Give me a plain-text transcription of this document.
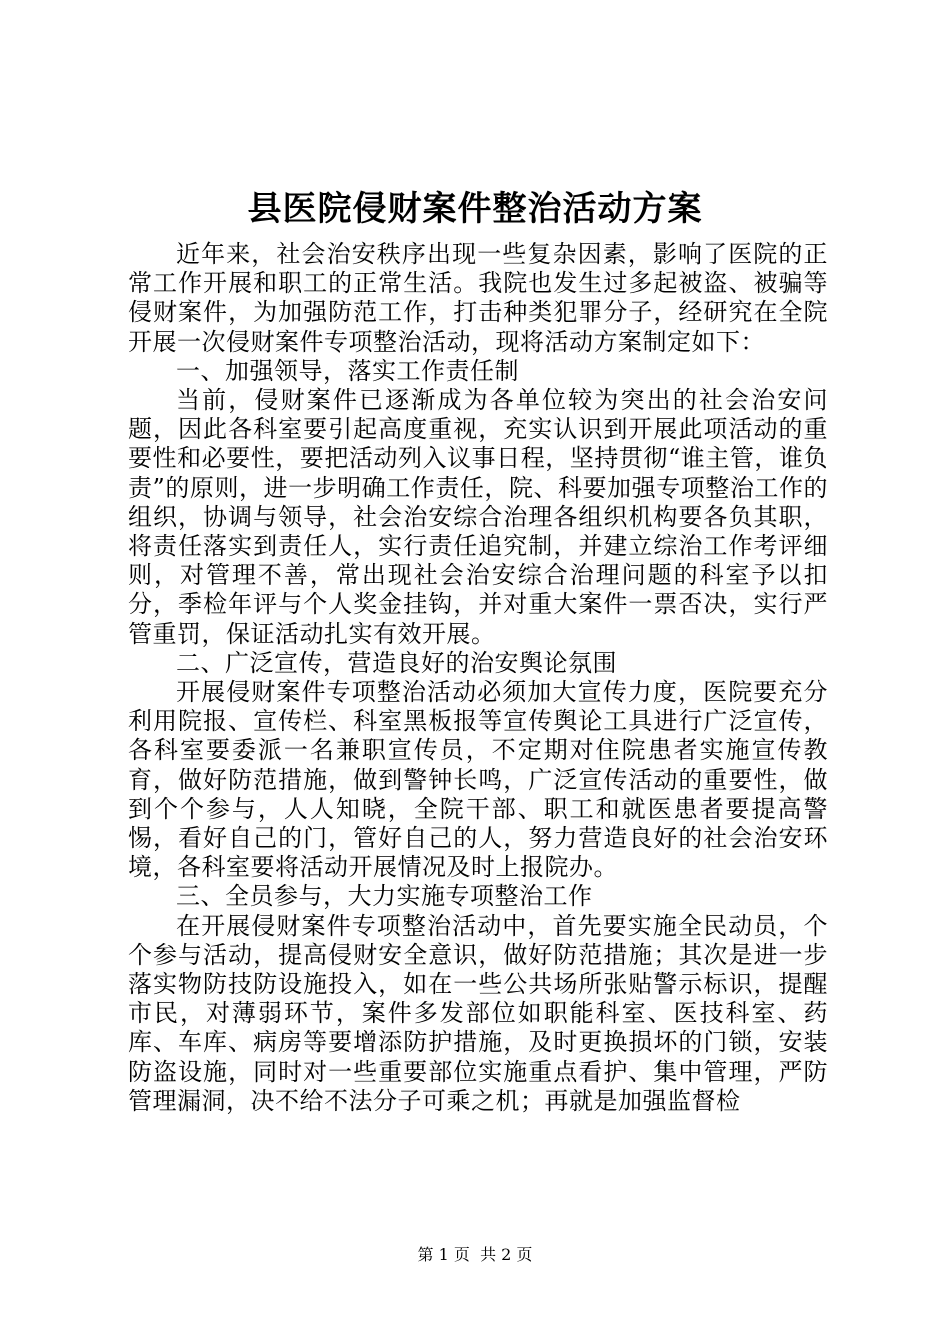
县医院侵财案件整治活动方案

近年来，社会治安秩序出现一些复杂因素，影响了医院的正常工作开展和职工的正常生活。我院也发生过多起被盗、被骗等侵财案件，为加强防范工作，打击种类犯罪分子，经研究在全院开展一次侵财案件专项整治活动，现将活动方案制定如下：

一、加强领导，落实工作责任制

当前，侵财案件已逐渐成为各单位较为突出的社会治安问题，因此各科室要引起高度重视，充实认识到开展此项活动的重要性和必要性，要把活动列入议事日程，坚持贯彻“谁主管，谁负责”的原则，进一步明确工作责任，院、科要加强专项整治工作的组织，协调与领导，社会治安综合治理各组织机构要各负其职，将责任落实到责任人，实行责任追究制，并建立综治工作考评细则，对管理不善，常出现社会治安综合治理问题的科室予以扣分，季检年评与个人奖金挂钩，并对重大案件一票否决，实行严管重罚，保证活动扎实有效开展。

二、广泛宣传，营造良好的治安舆论氛围

开展侵财案件专项整治活动必须加大宣传力度，医院要充分利用院报、宣传栏、科室黑板报等宣传舆论工具进行广泛宣传，各科室要委派一名兼职宣传员，不定期对住院患者实施宣传教育，做好防范措施，做到警钟长鸣，广泛宣传活动的重要性，做到个个参与，人人知晓，全院干部、职工和就医患者要提高警惕，看好自己的门，管好自己的人，努力营造良好的社会治安环境，各科室要将活动开展情况及时上报院办。

三、全员参与，大力实施专项整治工作

在开展侵财案件专项整治活动中，首先要实施全民动员，个个参与活动，提高侵财安全意识，做好防范措施；其次是进一步落实物防技防设施投入，如在一些公共场所张贴警示标识，提醒市民，对薄弱环节，案件多发部位如职能科室、医技科室、药库、车库、病房等要增添防护措施，及时更换损坏的门锁，安装防盗设施，同时对一些重要部位实施重点看护、集中管理，严防管理漏洞，决不给不法分子可乘之机；再就是加强监督检

第 1 页  共 2 页
